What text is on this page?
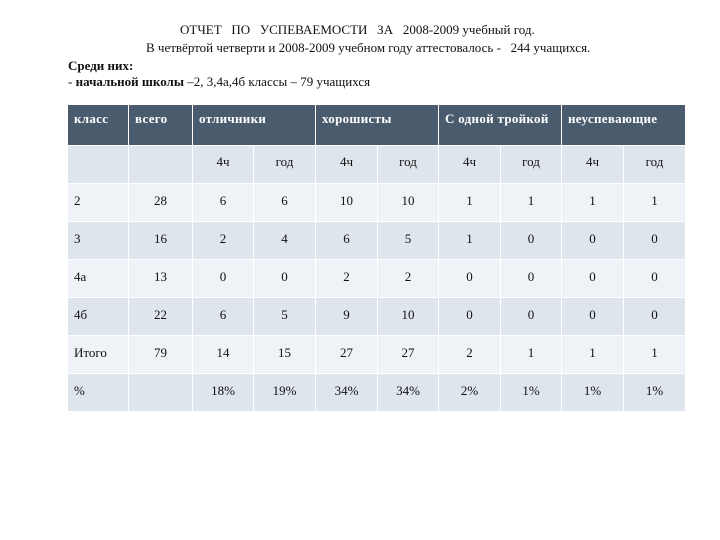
ОТЧЕТ   ПО   УСПЕВАЕМОСТИ   ЗА   2008-2009 учебный год.
В четвёртой четверти и 2008-2009 учебном году аттестовалось -   244 учащихся.
Среди них:
- начальной школы –2, 3,4а,4б классы – 79 учащихся
класс	всего	отличники		хорошисты		С одной тройкой		неуспевающие	
		4ч	год	4ч	год	4ч	год	4ч	год
2	28	6	6	10	10	1	1	1	1
3	16	2	4	6	5	1	0	0	0
4а	13	0	0	2	2	0	0	0	0
4б	22	6	5	9	10	0	0	0	0
Итого	79	14	15	27	27	2	1	1	1
%		18%	19%	34%	34%	2%	1%	1%	1%
